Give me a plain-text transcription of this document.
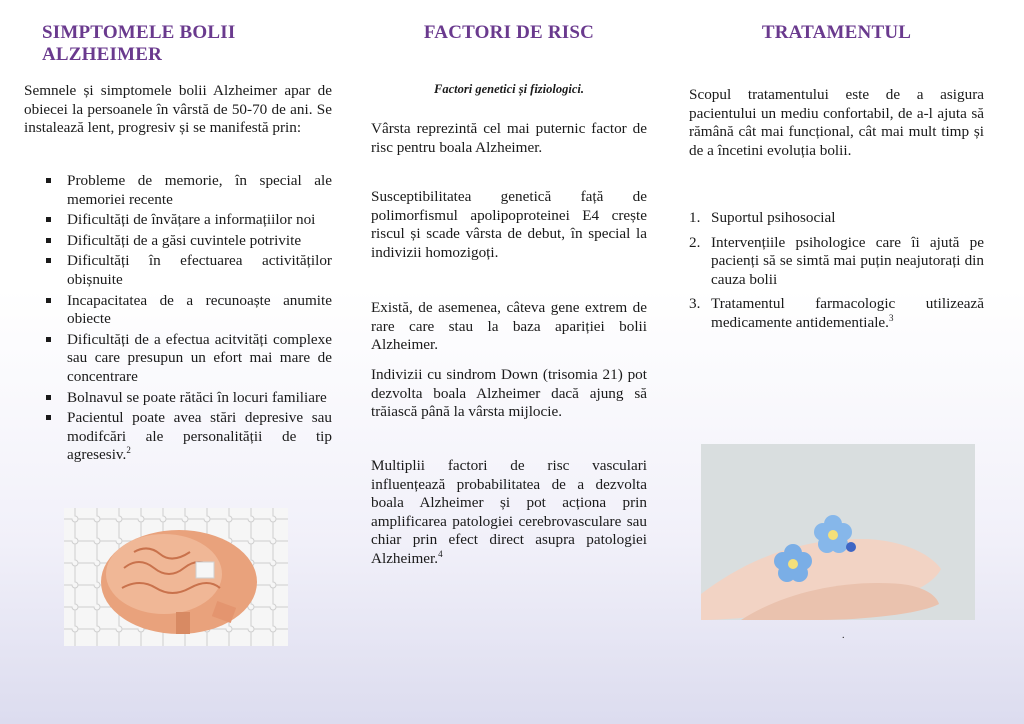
SIMPTOMELE BOLII ALZHEIMER

Semnele și simptomele bolii Alzheimer apar de obiecei la persoanele în vârstă de 50-70 de ani. Se instalează lent, progresiv și se manifestă prin:

Probleme de memorie, în special ale memoriei recente
Dificultăți de învățare a informațiilor noi
Dificultăți de a găsi cuvintele potrivite
Dificultăți în efectuarea activităților obișnuite
Incapacitatea de a recunoaște anumite obiecte
Dificultăți de a efectua acitvități complexe sau care presupun un efort mai mare de concentrare
Bolnavul se poate rătăci în locuri familiare
Pacientul poate avea stări depresive sau modifcări ale personalității de tip agresesiv.$^2$
FACTORI DE RISC
Factori genetici și fiziologici.

Vârsta reprezintă cel mai puternic factor de risc pentru boala Alzheimer.

Susceptibilitatea genetică față de polimorfismul apolipoproteinei E4 crește riscul și scade vârsta de debut, în special la indivizii homozigoți.

Există, de asemenea, câteva gene extrem de rare care stau la baza apariției bolii Alzheimer.

Indivizii cu sindrom Down (trisomia 21) pot dezvolta boala Alzheimer dacă ajung să trăiască până la vârsta mijlocie.

Multiplii factori de risc vasculari influențează probabilitatea de a dezvolta boala Alzheimer și pot acționa prin amplificarea patologiei cerebrovasculare sau chiar prin efect direct asupra patologiei Alzheimer.$^4$

TRATAMENTUL

Scopul tratamentului este de a asigura pacientului un mediu confortabil, de a-l ajuta să rămână cât mai funcțional, cât mai mult timp și de a încetini evoluția bolii.

1. Suportul psihosocial
2. Intervențiile psihologice care îi ajută pe pacienți să se simtă mai puțin neajutorați din cauza bolii
3. Tratamentul farmacologic utilizează medicamente antidementiale.$^3$
.
